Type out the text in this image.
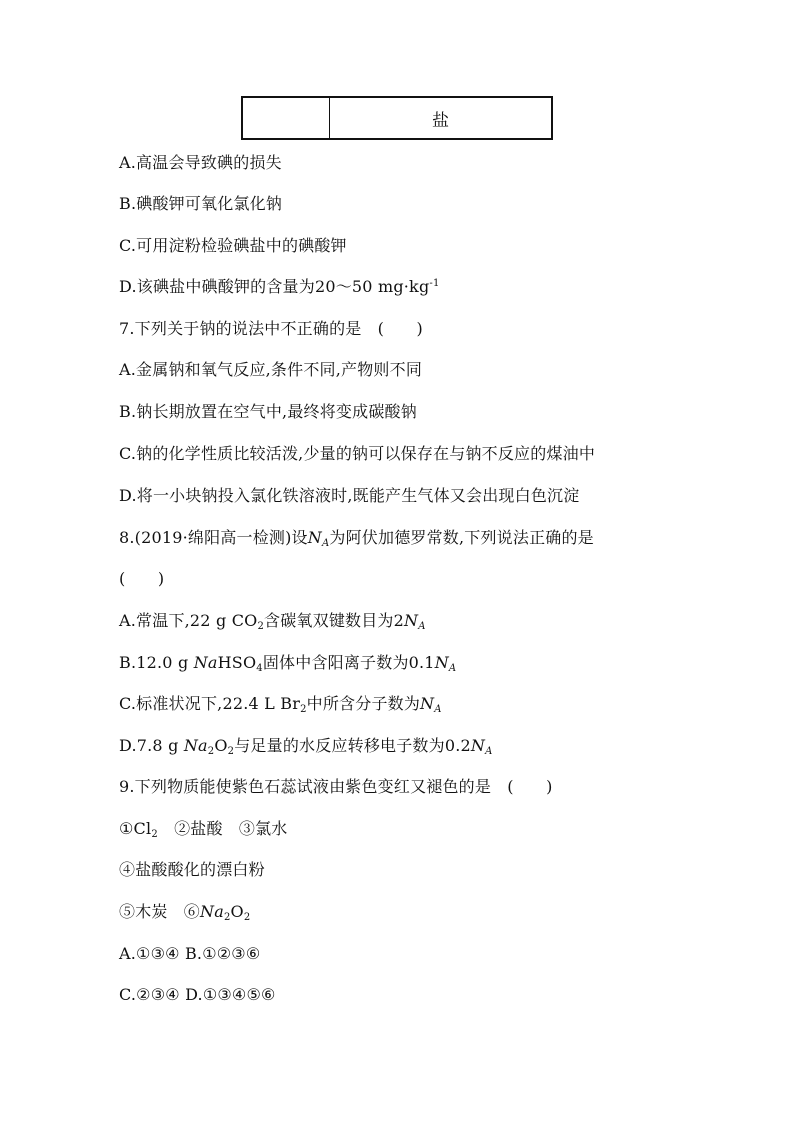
盐
A.高温会导致碘的损失
B.碘酸钾可氧化氯化钠
C.可用淀粉检验碘盐中的碘酸钾
D.该碘盐中碘酸钾的含量为20～50 $mg\cdot kg^{-1}$
7.下列关于钠的说法中不正确的是　(　　)
A.金属钠和氧气反应,条件不同,产物则不同
B.钠长期放置在空气中,最终将变成碳酸钠
C.钠的化学性质比较活泼,少量的钠可以保存在与钠不反应的煤油中
D.将一小块钠投入氯化铁溶液时,既能产生气体又会出现白色沉淀
8.(2019·绵阳高一检测)设$N_A$为阿伏加德罗常数,下列说法正确的是
(　　)
A.常温下,22 g $CO_2$含碳氧双键数目为$2N_A$
B.12.0 g NaHSO$_4$固体中含阳离子数为$0.1N_A$
C.标准状况下,22.4 L $Br_2$中所含分子数为$N_A$
D.7.8 g $Na_2O_2$与足量的水反应转移电子数为$0.2N_A$
9.下列物质能使紫色石蕊试液由紫色变红又褪色的是　(　　)
$①Cl_2$　②盐酸　③氯水
④盐酸酸化的漂白粉
⑤木炭　$⑥Na_2O_2$
A.①③④ B.①②③⑥
C.②③④ D.①③④⑤⑥
